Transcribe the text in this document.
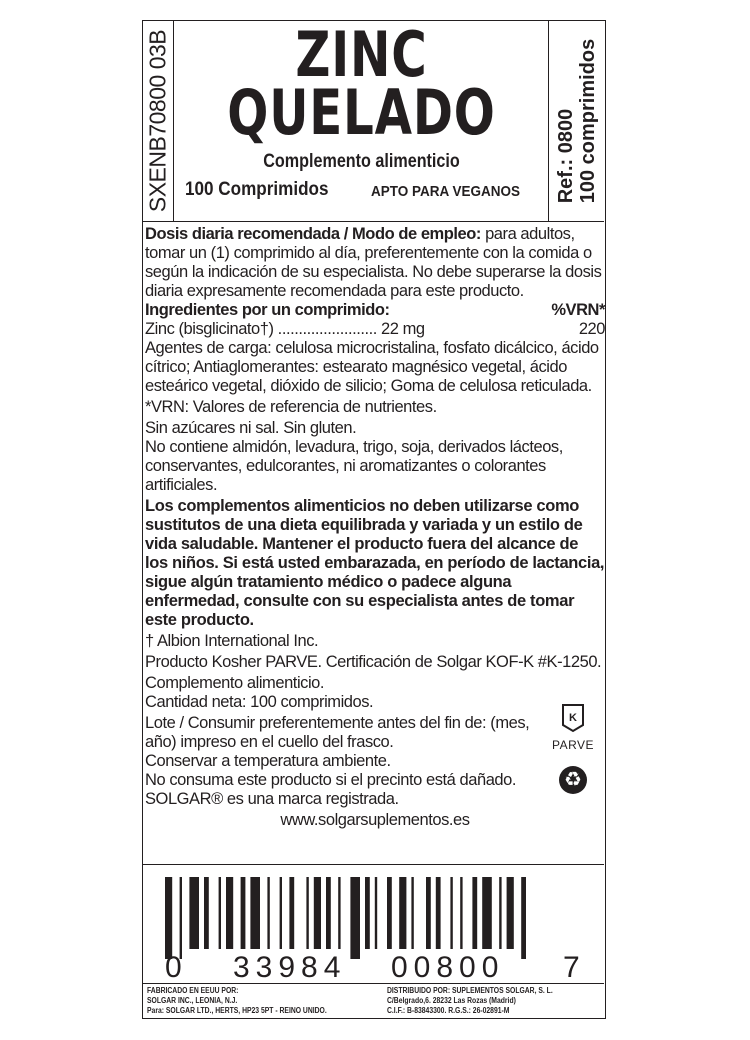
SXENB70800 03B	ZINC
QUELADO
Complemento alimenticio
100 Comprimidos	APTO PARA VEGANOS Ref.: 0800 100 comprimidos

Dosis diaria recomendada / Modo de empleo: para adultos, tomar un (1) comprimido al día, preferentemente con la comida o según la indicación de su especialista. No debe superarse la dosis diaria expresamente recomendada para este producto.

Ingredientes por un comprimido:	%VRN*
Zinc (bisglicinato†) ........................ 22 mg	220

Agentes de carga: celulosa microcristalina, fosfato dicálcico, ácido cítrico; Antiaglomerantes: estearato magnésico vegetal, ácido esteárico vegetal, dióxido de silicio; Goma de celulosa reticulada.

*VRN: Valores de referencia de nutrientes.

Sin azúcares ni sal. Sin gluten.

No contiene almidón, levadura, trigo, soja, derivados lácteos, conservantes, edulcorantes, ni aromatizantes o colorantes artificiales.

Los complementos alimenticios no deben utilizarse como sustitutos de una dieta equilibrada y variada y un estilo de vida saludable. Mantener el producto fuera del alcance de los niños. Si está usted embarazada, en período de lactancia, sigue algún tratamiento médico o padece alguna enfermedad, consulte con su especialista antes de tomar este producto.

† Albion International Inc.

Producto Kosher PARVE. Certificación de Solgar KOF-K #K-1250.

Complemento alimenticio.

Cantidad neta: 100 comprimidos.

Lote / Consumir preferentemente antes del fin de: (mes, año) impreso en el cuello del frasco.

Conservar a temperatura ambiente.

No consuma este producto si el precinto está dañado.

SOLGAR® es una marca registrada.

www.solgarsuplementos.es

K
PARVE
♻
0 33984 00800 7
FABRICADO EN EEUU POR:
SOLGAR INC., LEONIA, N.J.
Para: SOLGAR LTD., HERTS, HP23 5PT - REINO UNIDO.
DISTRIBUIDO POR: SUPLEMENTOS SOLGAR, S. L.
C/Belgrado,6. 28232 Las Rozas (Madrid)
C.I.F.: B-83843300. R.G.S.: 26-02891-M
